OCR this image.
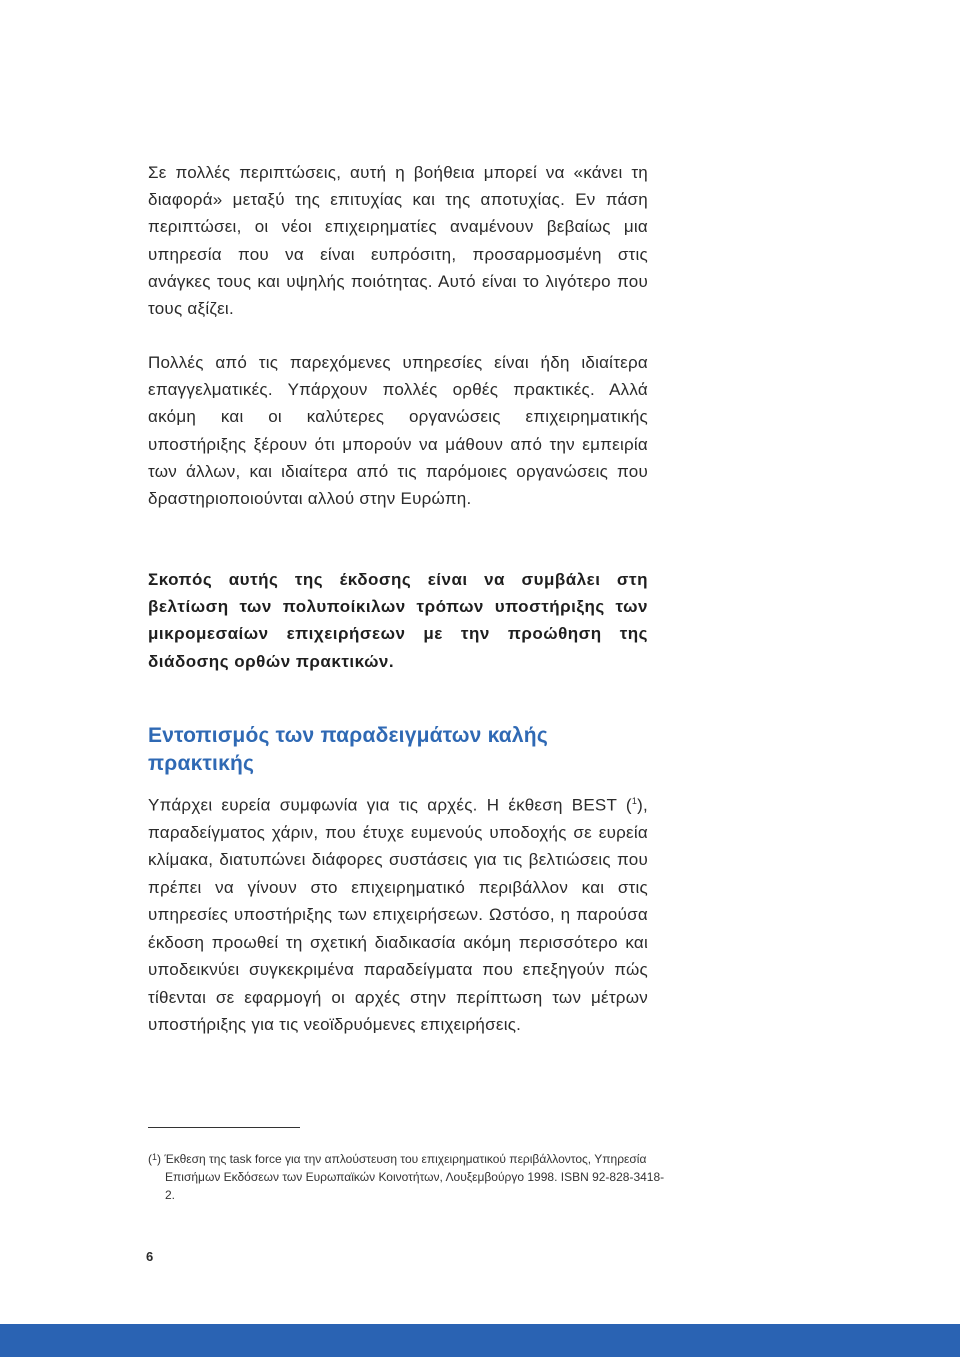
Σε πολλές περιπτώσεις, αυτή η βοήθεια μπορεί να «κάνει τη διαφορά» μεταξύ της επιτυχίας και της αποτυχίας. Εν πάση περιπτώσει, οι νέοι επιχειρηματίες αναμένουν βεβαίως μια υπηρεσία που να είναι ευπρόσιτη, προσαρμοσμένη στις ανάγκες τους και υψηλής ποιότητας. Αυτό είναι το λιγότερο που τους αξίζει.

Πολλές από τις παρεχόμενες υπηρεσίες είναι ήδη ιδιαίτερα επαγγελματικές. Υπάρχουν πολλές ορθές πρακτικές. Αλλά ακόμη και οι καλύτερες οργανώσεις επιχειρηματικής υποστήριξης ξέρουν ότι μπορούν να μάθουν από την εμπειρία των άλλων, και ιδιαίτερα από τις παρόμοιες οργανώσεις που δραστηριοποιούνται αλλού στην Ευρώπη.

Σκοπός αυτής της έκδοσης είναι να συμβάλει στη βελτίωση των πολυποίκιλων τρόπων υποστήριξης των μικρομεσαίων επιχειρήσεων με την προώθηση της διάδοσης ορθών πρακτικών.

Εντοπισμός των παραδειγμάτων καλής πρακτικής

Υπάρχει ευρεία συμφωνία για τις αρχές. Η έκθεση BEST ($^1$), παραδείγματος χάριν, που έτυχε ευμενούς υποδοχής σε ευρεία κλίμακα, διατυπώνει διάφορες συστάσεις για τις βελτιώσεις που πρέπει να γίνουν στο επιχειρηματικό περιβάλλον και στις υπηρεσίες υποστήριξης των επιχειρήσεων. Ωστόσο, η παρούσα έκδοση προωθεί τη σχετική διαδικασία ακόμη περισσότερο και υποδεικνύει συγκεκριμένα παραδείγματα που επεξηγούν πώς τίθενται σε εφαρμογή οι αρχές στην περίπτωση των μέτρων υποστήριξης για τις νεοϊδρυόμενες επιχειρήσεις.

($^1$) Έκθεση της task force για την απλούστευση του επιχειρηματικού περιβάλλοντος, Υπηρεσία Επισήμων Εκδόσεων των Ευρωπαϊκών Κοινοτήτων, Λουξεμβούργο 1998. ISBN 92-828-3418-2.

6
